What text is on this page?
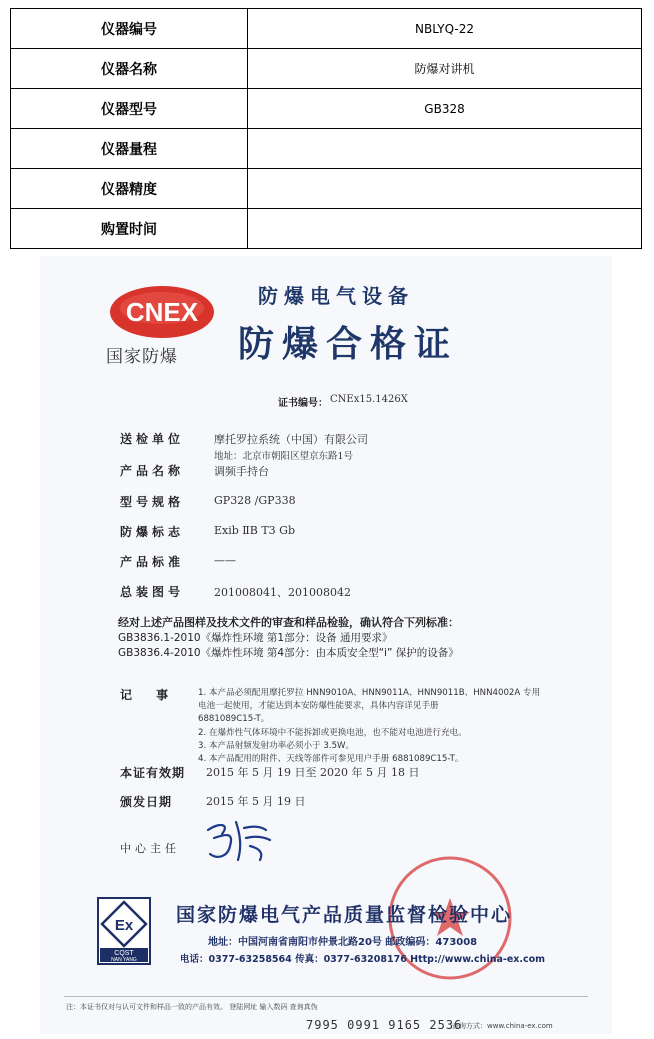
仪器编号	NBLYQ-22
仪器名称	防爆对讲机
仪器型号	GB328
仪器量程	
仪器精度	
购置时间	
CNEX
国家防爆
防爆电气设备
防爆合格证
证书编号： CNEx15.1426X
送检单位	摩托罗拉系统（中国）有限公司
地址：北京市朝阳区望京东路1号
产品名称	调频手持台
型号规格	GP328 /GP338
防爆标志	Exib ⅡB T3 Gb
产品标准	——
总装图号	201008041、201008042
经对上述产品图样及技术文件的审查和样品检验，确认符合下列标准：
GB3836.1-2010《爆炸性环境 第1部分：设备 通用要求》
GB3836.4-2010《爆炸性环境 第4部分：由本质安全型“i” 保护的设备》
记 事 1. 本产品必须配用摩托罗拉 HNN9010A、HNN9011A、HNN9011B、HNN4002A 专用
电池一起使用，才能达到本安防爆性能要求，具体内容详见手册
6881089C15-T。
2. 在爆炸性气体环境中不能拆卸或更换电池，也不能对电池进行充电。
3. 本产品射频发射功率必须小于 3.5W。
4. 本产品配用的附件、天线等部件可参见用户手册 6881089C15-T。
本证有效期 2015 年 5 月 19 日至 2020 年 5 月 18 日
颁发日期	2015 年 5 月 19 日
中心主任
Ex
CQST
NAN YANG
国家防爆电气产品质量监督检验中心
地址：中国河南省南阳市仲景北路20号 邮政编码：473008
电话：0377-63258564 传真：0377-63208176 Http://www.china-ex.com
注：本证书仅对与认可文件和样品一致的产品有效。 登陆网址 输入数码 查询真伪
7995 0991 9165 2536
查询方式：www.china-ex.com
